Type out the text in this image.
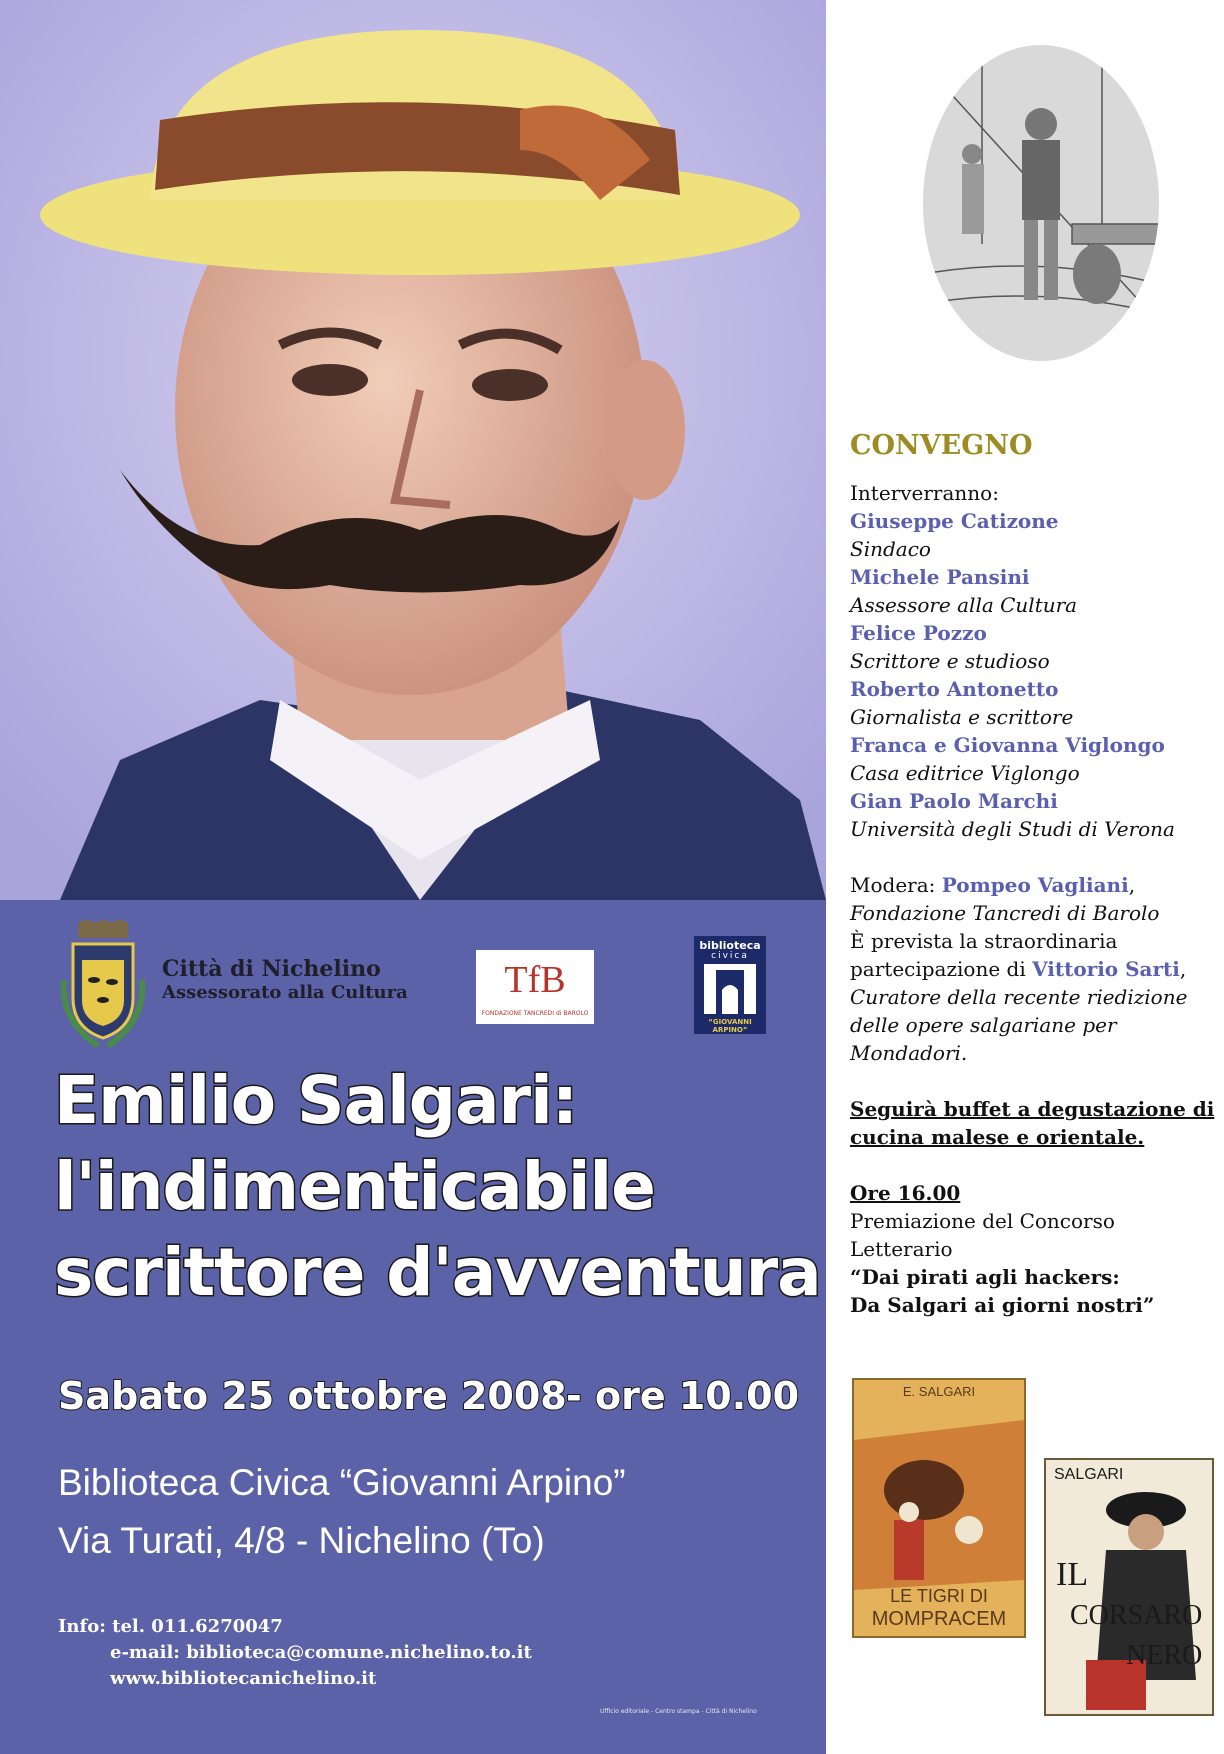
Città di Nichelino
Assessorato alla Cultura	TfB
FONDAZIONE TANCREDI di BAROLO
biblioteca
civica
“GIOVANNI ARPINO”
Emilio Salgari:
l'indimenticabile
scrittore d'avventura
Sabato 25 ottobre 2008 - ore 10.00
Biblioteca Civica “Giovanni Arpino”
Via Turati, 4/8 - Nichelino (To)
Info: tel. 011.6270047
e-mail: biblioteca@comune.nichelino.to.it
www.bibliotecanichelino.it
Ufficio editoriale - Centro stampa - Città di Nichelino
CONVEGNO
Interverranno:
Giuseppe Catizone
Sindaco
Michele Pansini
Assessore alla Cultura
Felice Pozzo
Scrittore e studioso
Roberto Antonetto
Giornalista e scrittore
Franca e Giovanna Viglongo
Casa editrice Viglongo
Gian Paolo Marchi
Università degli Studi di Verona
Modera: Pompeo Vagliani,
Fondazione Tancredi di Barolo
È prevista la straordinaria
partecipazione di Vittorio Sarti,
Curatore della recente riedizione
delle opere salgariane per
Mondadori.
Seguirà buffet a degustazione di
cucina malese e orientale.
Ore 16.00
Premiazione del Concorso
Letterario
“Dai pirati agli hackers:
Da Salgari ai giorni nostri”
E. SALGARI
LE TIGRI DI
MOMPRACEM
SALGARI
IL
CORSARO
NERO
